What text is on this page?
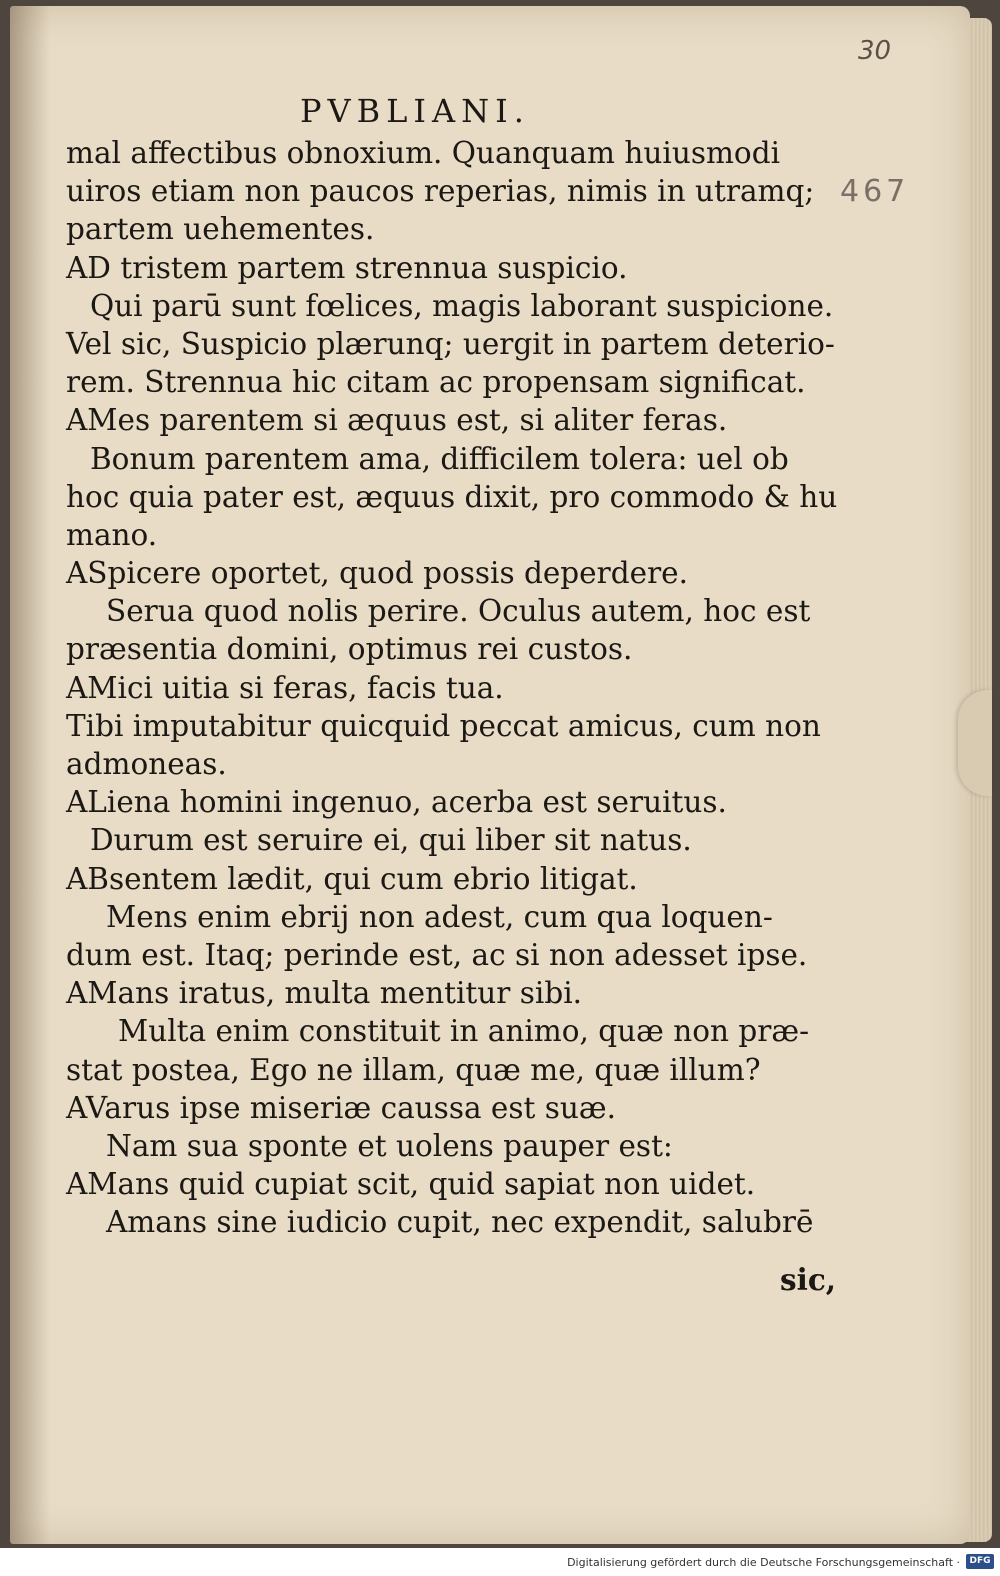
30
467
PVBLIANI.
mal affectibus obnoxium. Quanquam huiusmodi
uiros etiam non paucos reperias, nimis in utramq;
partem uehementes.
AD tristem partem strennua suspicio.
Qui parū sunt fœlices, magis laborant suspicione.
Vel sic, Suspicio plærunq; uergit in partem deterio-
rem. Strennua hic citam ac propensam significat.
AMes parentem si æquus est, si aliter feras.
Bonum parentem ama, difficilem tolera: uel ob
hoc quia pater est, æquus dixit, pro commodo & hu
mano.
ASpicere oportet, quod possis deperdere.
Serua quod nolis perire. Oculus autem, hoc est
præsentia domini, optimus rei custos.
AMici uitia si feras, facis tua.
Tibi imputabitur quicquid peccat amicus, cum non
admoneas.
ALiena homini ingenuo, acerba est seruitus.
Durum est seruire ei, qui liber sit natus.
ABsentem lædit, qui cum ebrio litigat.
Mens enim ebrij non adest, cum qua loquen-
dum est. Itaq; perinde est, ac si non adesset ipse.
AMans iratus, multa mentitur sibi.
Multa enim constituit in animo, quæ non præ-
stat postea, Ego ne illam, quæ me, quæ illum?
AVarus ipse miseriæ caussa est suæ.
Nam sua sponte et uolens pauper est:
AMans quid cupiat scit, quid sapiat non uidet.
Amans sine iudicio cupit, nec expendit, salubrē
sic,
Digitalisierung gefördert durch die Deutsche Forschungsgemeinschaft ·	DFG
